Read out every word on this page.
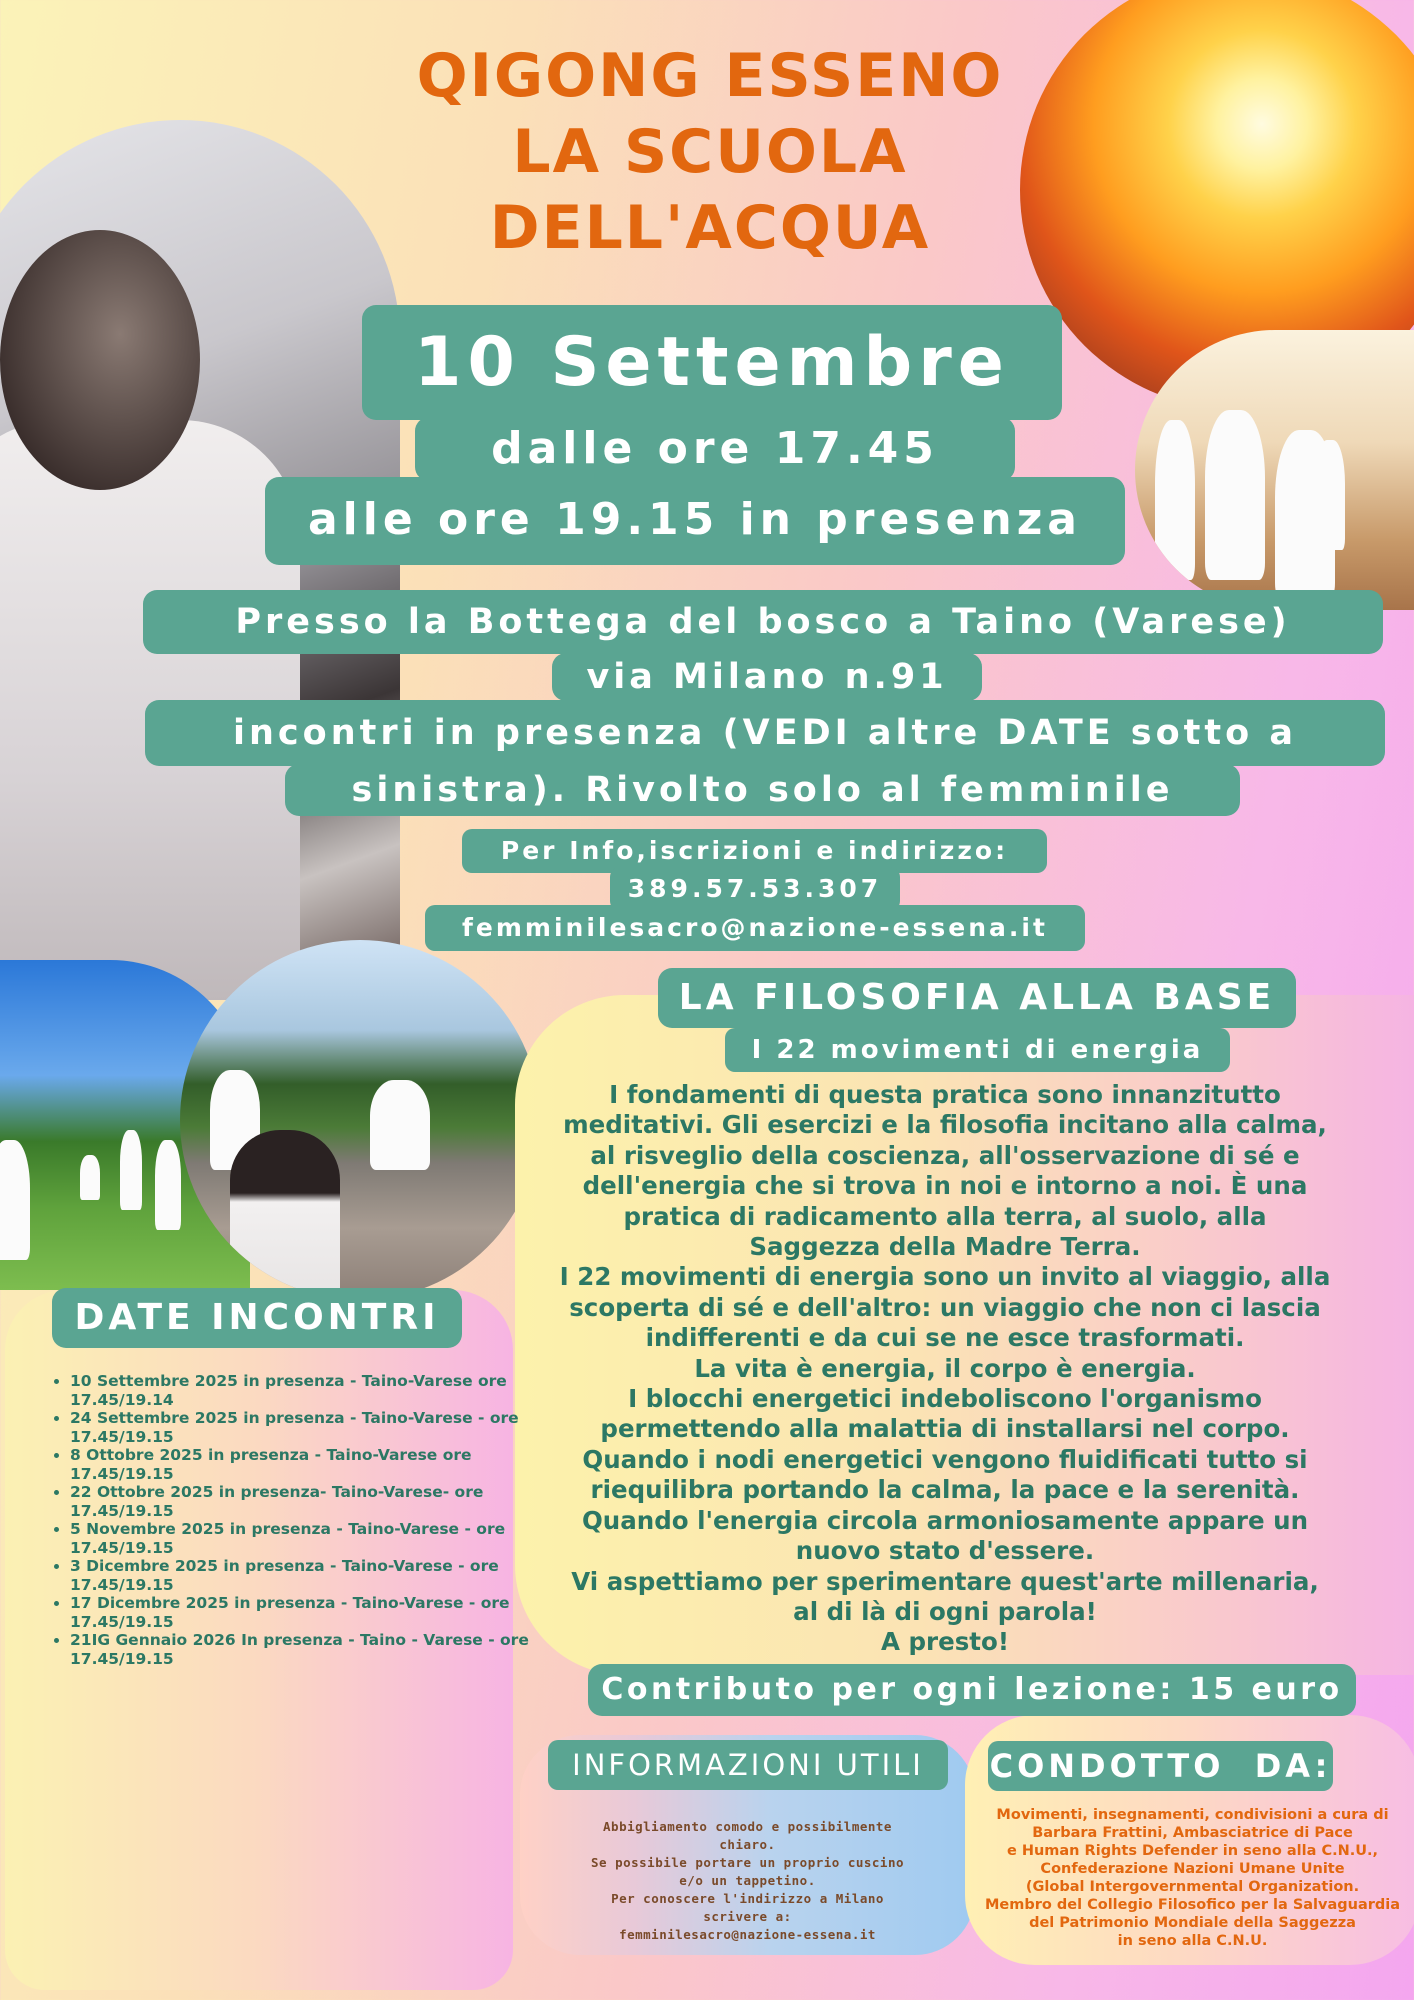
QIGONG ESSENO
LA SCUOLA
DELL'ACQUA
10 Settembre
dalle ore 17.45
alle ore 19.15 in presenza
Presso la Bottega del bosco a Taino (Varese)
via Milano n.91
incontri in presenza (VEDI altre DATE sotto a
sinistra). Rivolto solo al femminile
Per Info,iscrizioni e indirizzo:
389.57.53.307
femminilesacro@nazione-essena.it
LA FILOSOFIA ALLA BASE
I 22 movimenti di energia
I fondamenti di questa pratica sono innanzitutto
meditativi. Gli esercizi e la filosofia incitano alla calma,
al risveglio della coscienza, all'osservazione di sé e
dell'energia che si trova in noi e intorno a noi. È una
pratica di radicamento alla terra, al suolo, alla
Saggezza della Madre Terra.
I 22 movimenti di energia sono un invito al viaggio, alla
scoperta di sé e dell'altro: un viaggio che non ci lascia
indifferenti e da cui se ne esce trasformati.
La vita è energia, il corpo è energia.
I blocchi energetici indeboliscono l'organismo
permettendo alla malattia di installarsi nel corpo.
Quando i nodi energetici vengono fluidificati tutto si
riequilibra portando la calma, la pace e la serenità.
Quando l'energia circola armoniosamente appare un
nuovo stato d'essere.
Vi aspettiamo per sperimentare quest'arte millenaria,
al di là di ogni parola!
A presto!
Contributo per ogni lezione: 15 euro
DATE INCONTRI
• 10 Settembre 2025 in presenza - Taino-Varese ore 17.45/19.14
• 24 Settembre 2025 in presenza - Taino-Varese - ore 17.45/19.15
• 8 Ottobre 2025 in presenza - Taino-Varese ore 17.45/19.15
• 22 Ottobre 2025 in presenza- Taino-Varese- ore 17.45/19.15
• 5 Novembre 2025 in presenza - Taino-Varese - ore 17.45/19.15
• 3 Dicembre 2025 in presenza - Taino-Varese - ore 17.45/19.15
• 17 Dicembre 2025 in presenza - Taino-Varese - ore 17.45/19.15
• 21IG Gennaio 2026 In presenza - Taino - Varese - ore 17.45/19.15
INFORMAZIONI UTILI
Abbigliamento comodo e possibilmente
chiaro.
Se possibile portare un proprio cuscino
e/o un tappetino.
Per conoscere l'indirizzo a Milano
scrivere a:
femminilesacro@nazione-essena.it
CONDOTTO  DA:
Movimenti, insegnamenti, condivisioni a cura di
Barbara Frattini, Ambasciatrice di Pace
e Human Rights Defender in seno alla C.N.U.,
Confederazione Nazioni Umane Unite
(Global Intergovernmental Organization.
Membro del Collegio Filosofico per la Salvaguardia
del Patrimonio Mondiale della Saggezza
in seno alla C.N.U.
